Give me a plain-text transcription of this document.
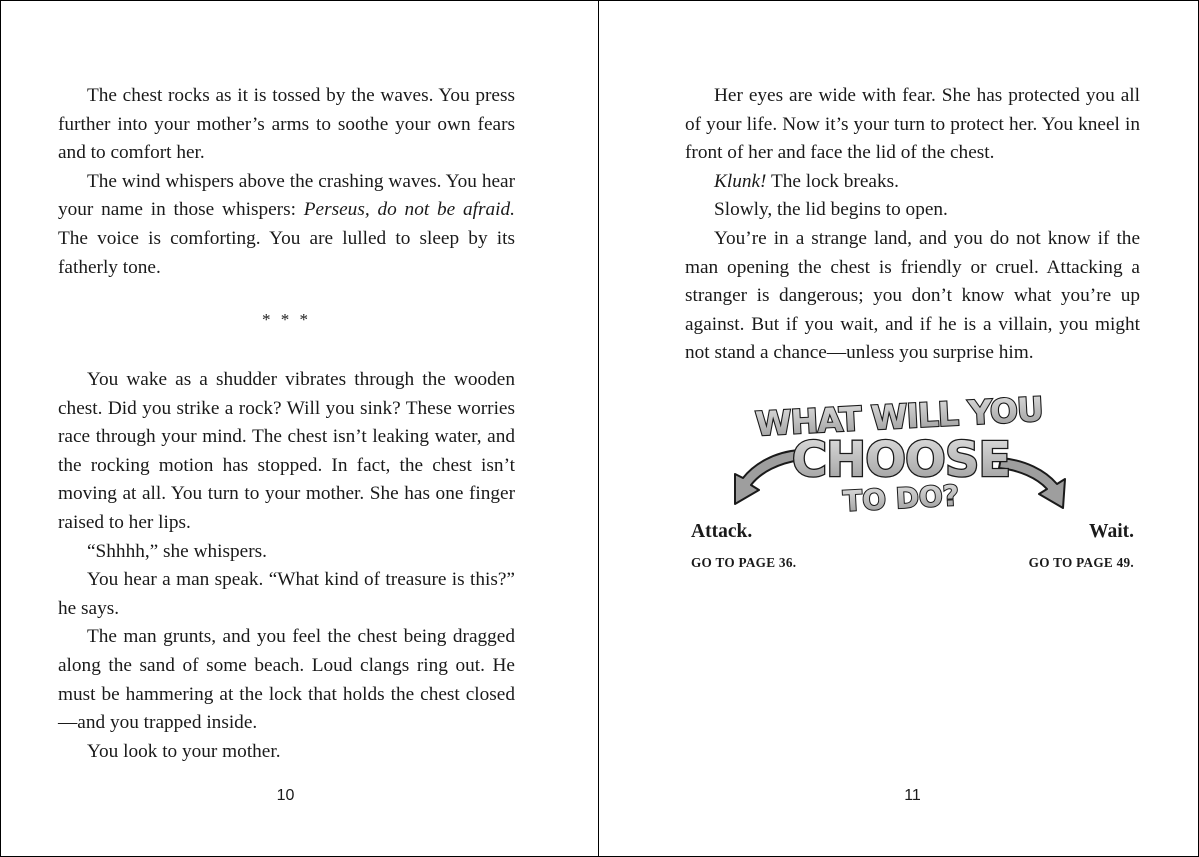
The chest rocks as it is tossed by the waves. You press further into your mother’s arms to soothe your own fears and to comfort her.

The wind whispers above the crashing waves. You hear your name in those whispers: Perseus, do not be afraid. The voice is comforting. You are lulled to sleep by its fatherly tone.

* * *

You wake as a shudder vibrates through the wooden chest. Did you strike a rock? Will you sink? These worries race through your mind. The chest isn’t leaking water, and the rocking motion has stopped. In fact, the chest isn’t moving at all. You turn to your mother. She has one finger raised to her lips.

“Shhhh,” she whispers.

You hear a man speak. “What kind of treasure is this?” he says.

The man grunts, and you feel the chest being dragged along the sand of some beach. Loud clangs ring out. He must be hammering at the lock that holds the chest closed—and you trapped inside.

You look to your mother.

10

Her eyes are wide with fear. She has protected you all of your life. Now it’s your turn to protect her. You kneel in front of her and face the lid of the chest.

Klunk! The lock breaks.

Slowly, the lid begins to open.

You’re in a strange land, and you do not know if the man opening the chest is friendly or cruel. Attacking a stranger is dangerous; you don’t know what you’re up against. But if you wait, and if he is a villain, you might not stand a chance—unless you surprise him.

WHAT WILL YOU
CHOOSE
TO DO?
Attack.
GO TO PAGE 36.
Wait.
GO TO PAGE 49.
11
